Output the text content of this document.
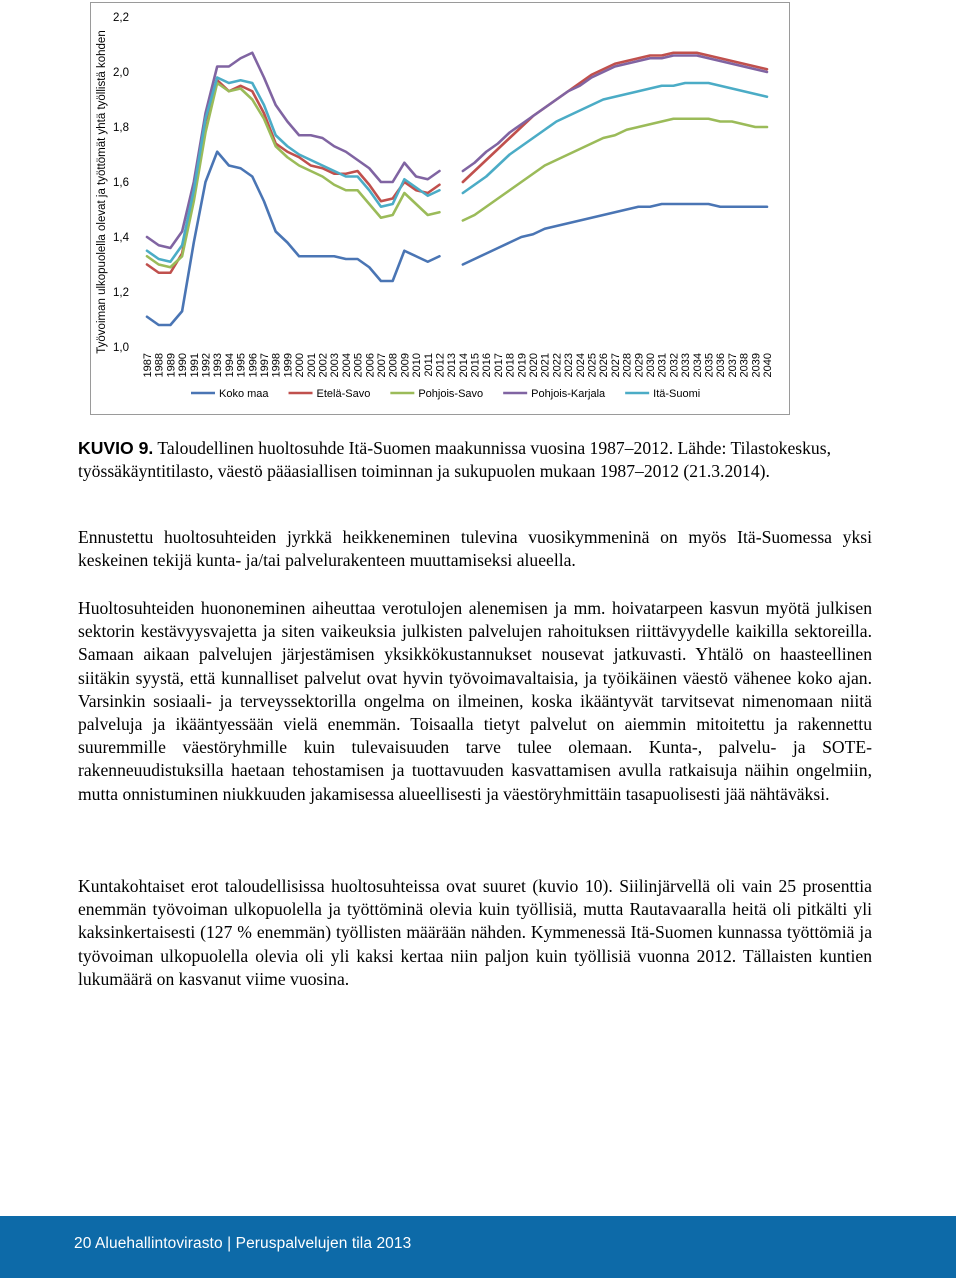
Työvoiman ulkopuolella olevat ja työttömät yhtä työllistä kohden
2,2
2,0
1,8
1,6
1,4
1,2
1,0
1987 1988 1989 1990 1991 1992 1993 1994 1995 1996 1997 1998 1999 2000 2001 2002 2003 2004 2005 2006 2007 2008 2009 2010 2011 2012 2013 2014 2015 2016 2017 2018 2019 2020 2021 2022 2023 2024 2025 2026 2027 2028 2029 2030 2031 2032 2033 2034 2035 2036 2037 2038 2039 2040
Koko maa	Etelä-Savo	Pohjois-Savo	Pohjois-Karjala	Itä-Suomi
KUVIO 9. Taloudellinen huoltosuhde Itä-Suomen maakunnissa vuosina 1987–2012. Lähde: Tilastokeskus, työssäkäyntitilasto, väestö pääasiallisen toiminnan ja sukupuolen mukaan 1987–2012 (21.3.2014).

Ennustettu huoltosuhteiden jyrkkä heikkeneminen tulevina vuosikymmeninä on myös Itä-Suomessa yksi keskeinen tekijä kunta- ja/tai palvelurakenteen muuttamiseksi alueella.

Huoltosuhteiden huononeminen aiheuttaa verotulojen alenemisen ja mm. hoivatarpeen kasvun myötä julkisen sektorin kestävyysvajetta ja siten vaikeuksia julkisten palvelujen rahoituksen riittävyydelle kaikilla sektoreilla. Samaan aikaan palvelujen järjestämisen yksikkökustannukset nousevat jatkuvasti. Yhtälö on haasteellinen siitäkin syystä, että kunnalliset palvelut ovat hyvin työvoimavaltaisia, ja työikäinen väestö vähenee koko ajan. Varsinkin sosiaali- ja terveyssektorilla ongelma on ilmeinen, koska ikääntyvät tarvitsevat nimenomaan niitä palveluja ja ikääntyessään vielä enemmän. Toisaalla tietyt palvelut on aiemmin mitoitettu ja rakennettu suuremmille väestöryhmille kuin tulevaisuuden tarve tulee olemaan. Kunta-, palvelu- ja SOTE-rakenneuudistuksilla haetaan tehostamisen ja tuottavuuden kasvattamisen avulla ratkaisuja näihin ongelmiin, mutta onnistuminen niukkuuden jakamisessa alueellisesti ja väestöryhmittäin tasapuolisesti jää nähtäväksi.

Kuntakohtaiset erot taloudellisissa huoltosuhteissa ovat suuret (kuvio 10). Siilinjärvellä oli vain 25 prosenttia enemmän työvoiman ulkopuolella ja työttöminä olevia kuin työllisiä, mutta Rautavaaralla heitä oli pitkälti yli kaksinkertaisesti (127 % enemmän) työllisten määrään nähden. Kymmenessä Itä-Suomen kunnassa työttömiä ja työvoiman ulkopuolella olevia oli yli kaksi kertaa niin paljon kuin työllisiä vuonna 2012. Tällaisten kuntien lukumäärä on kasvanut viime vuosina.

20 Aluehallintovirasto | Peruspalvelujen tila 2013
